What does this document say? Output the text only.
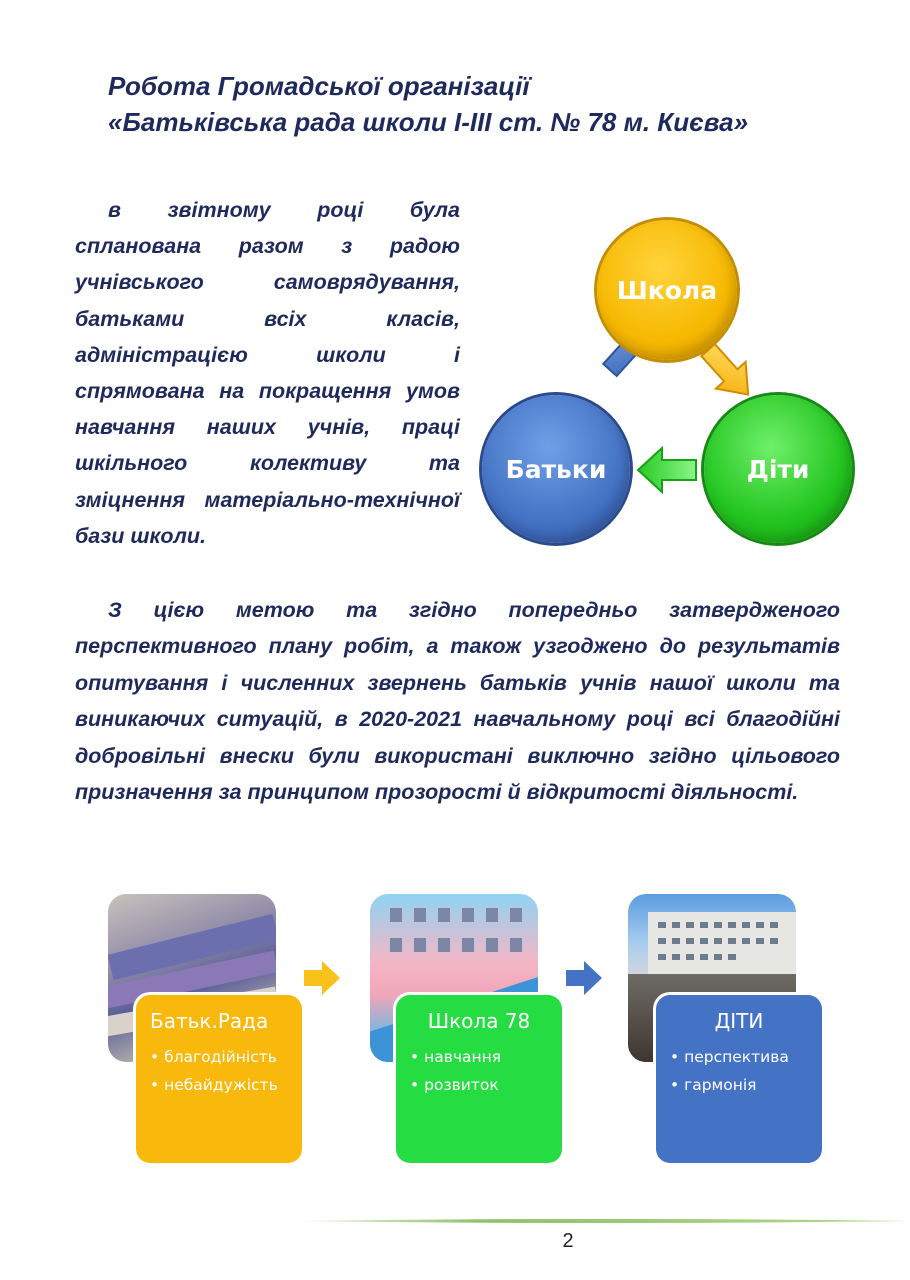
Робота Громадської організації
«Батьківська рада школи I-III ст. № 78 м. Києва»

в звітному році була спланована разом з радою учнівського самоврядування, батьками всіх класів, адміністрацією школи і спрямована на покращення умов навчання наших учнів, праці шкільного колективу та зміцнення матеріально-технічної бази школи.

Школа
Батьки	Діти

З цією метою та згідно попередньо затвердженого перспективного плану робіт, а також узгоджено до результатів опитування і численних звернень батьків учнів нашої школи та виникаючих ситуацій, в 2020-2021 навчальному році всі благодійні добровільні внески були використані виключно згідно цільового призначення за принципом прозорості й відкритості діяльності.

Батьк.Рада
• благодійність
• небайдужість
Школа 78
• навчання
• розвиток
ДІТИ
• перспектива
• гармонія
2
